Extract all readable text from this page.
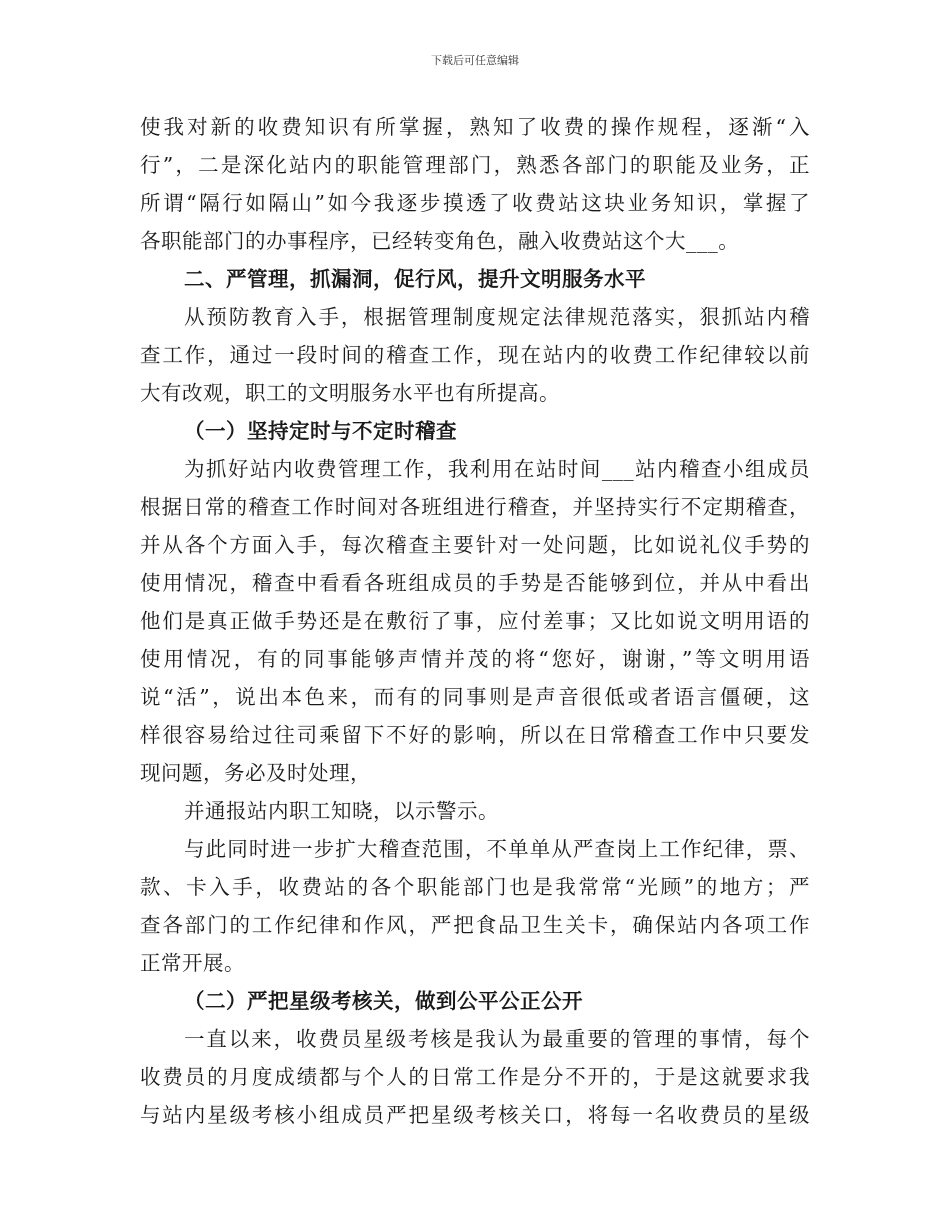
下载后可任意编辑
使我对新的收费知识有所掌握，熟知了收费的操作规程，逐渐“入
行”，二是深化站内的职能管理部门，熟悉各部门的职能及业务，正
所谓“隔行如隔山”如今我逐步摸透了收费站这块业务知识，掌握了
各职能部门的办事程序，已经转变角色，融入收费站这个大___。
二、严管理，抓漏洞，促行风，提升文明服务水平
从预防教育入手，根据管理制度规定法律规范落实，狠抓站内稽
查工作，通过一段时间的稽查工作，现在站内的收费工作纪律较以前
大有改观，职工的文明服务水平也有所提高。
（一）坚持定时与不定时稽查
为抓好站内收费管理工作，我利用在站时间___站内稽查小组成员
根据日常的稽查工作时间对各班组进行稽查，并坚持实行不定期稽查，
并从各个方面入手，每次稽查主要针对一处问题，比如说礼仪手势的
使用情况，稽查中看看各班组成员的手势是否能够到位，并从中看出
他们是真正做手势还是在敷衍了事，应付差事；又比如说文明用语的
使用情况，有的同事能够声情并茂的将“您好，谢谢，”等文明用语
说“活”，说出本色来，而有的同事则是声音很低或者语言僵硬，这
样很容易给过往司乘留下不好的影响，所以在日常稽查工作中只要发
现问题，务必及时处理，
并通报站内职工知晓，以示警示。
与此同时进一步扩大稽查范围，不单单从严查岗上工作纪律，票、
款、卡入手，收费站的各个职能部门也是我常常“光顾”的地方；严
查各部门的工作纪律和作风，严把食品卫生关卡，确保站内各项工作
正常开展。
（二）严把星级考核关，做到公平公正公开
一直以来，收费员星级考核是我认为最重要的管理的事情，每个
收费员的月度成绩都与个人的日常工作是分不开的，于是这就要求我
与站内星级考核小组成员严把星级考核关口，将每一名收费员的星级
